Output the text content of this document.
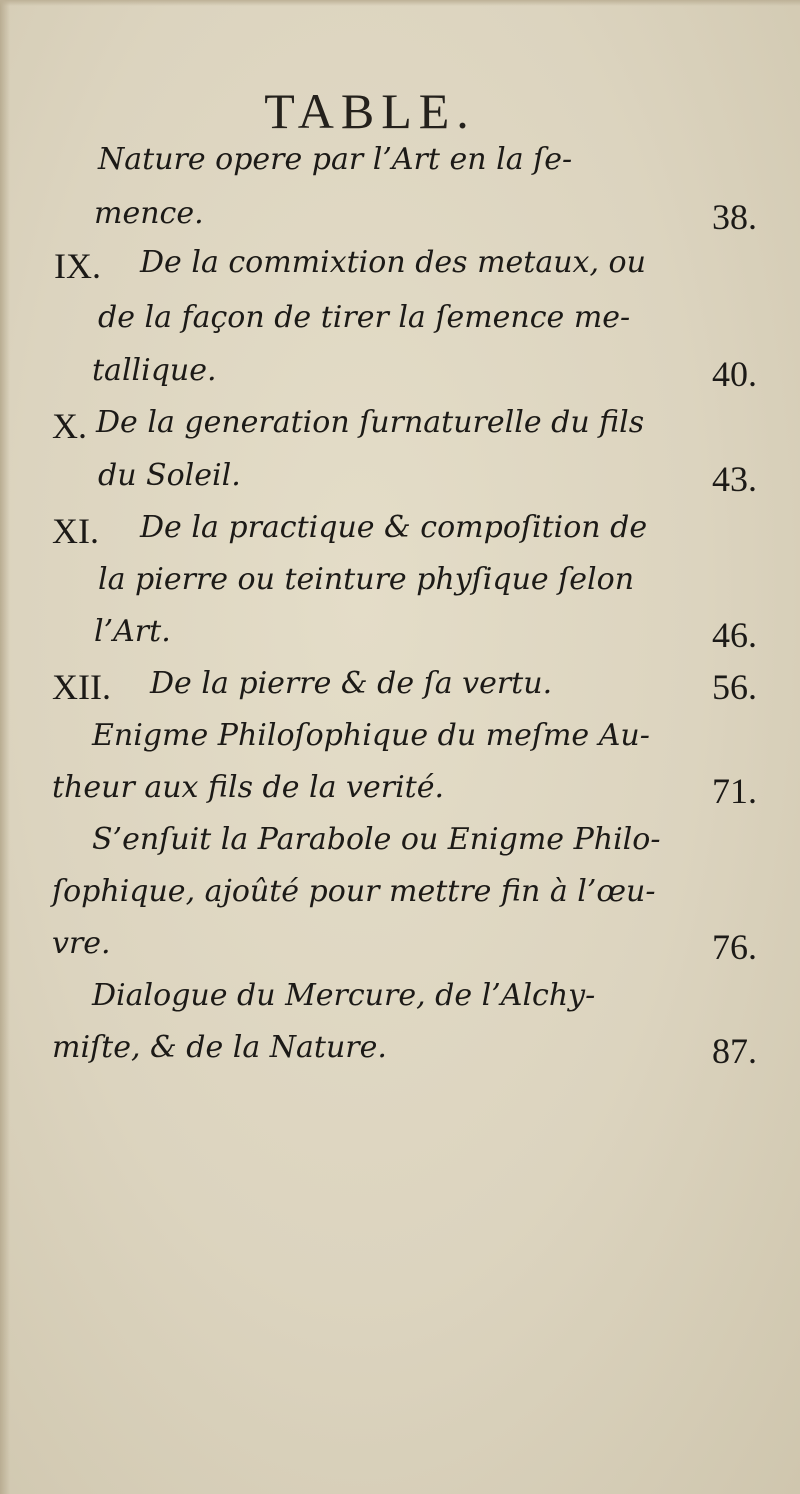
TABLE.
Nature opere par l’Art en la ſe-
mence.	38.
IX. De la commixtion des metaux, ou
de la façon de tirer la ſemence me-
tallique.	40.
X. De la generation ſurnaturelle du fils
du Soleil.	43.
XI. De la practique & compoſition de
la pierre ou teinture phyſique ſelon
l’Art.	46.
XII. De la pierre & de ſa vertu.	56.
Enigme Philoſophique du meſme Au-
theur aux fils de la verité.	71.
S’enſuit la Parabole ou Enigme Philo-
ſophique, ajoûté pour mettre fin à l’œu-
vre.	76.
Dialogue du Mercure, de l’Alchy-
miſte, & de la Nature.	87.
